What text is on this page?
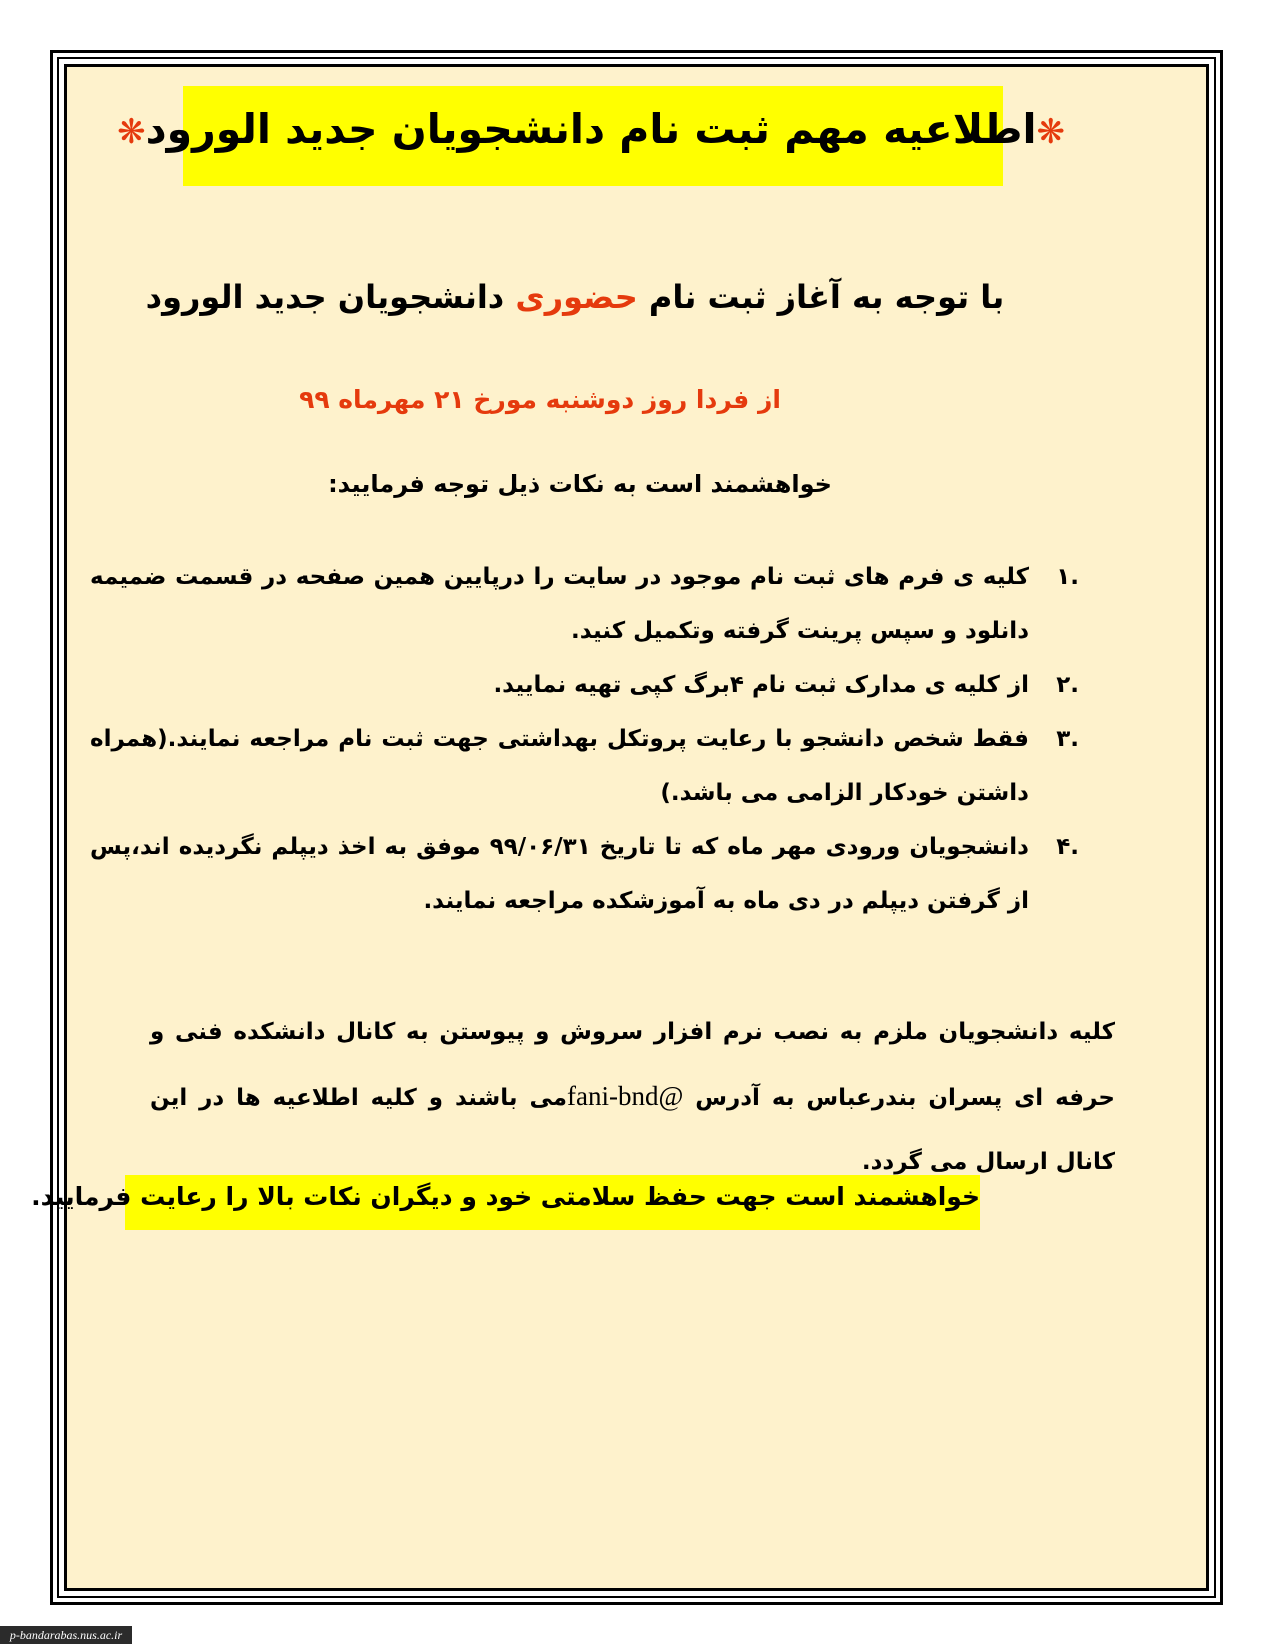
❋اطلاعیه مهم ثبت نام دانشجویان جدید الورود❋
با توجه به آغاز ثبت نام حضوری دانشجویان جدید الورود
از فردا روز دوشنبه مورخ ۲۱ مهرماه ۹۹
خواهشمند است به نکات ذیل توجه فرمایید:
.۱
کلیه ی فرم های ثبت نام موجود در سایت را درپایین همین صفحه در قسمت ضمیمه دانلود و سپس پرینت گرفته وتکمیل کنید.
.۲
از کلیه ی مدارک ثبت نام ۴برگ کپی تهیه نمایید.
.۳
فقط شخص دانشجو با رعایت پروتکل بهداشتی جهت ثبت نام مراجعه نمایند.(همراه داشتن خودکار الزامی می باشد.)
.۴
دانشجویان ورودی مهر ماه که تا تاریخ ۹۹/۰۶/۳۱ موفق به اخذ دیپلم نگردیده اند،پس از گرفتن دیپلم در دی ماه به آموزشکده مراجعه نمایند.
کلیه دانشجویان ملزم به نصب نرم افزار سروش و پیوستن به کانال دانشکده فنی و حرفه ای پسران بندرعباس به آدرس fani-bnd@می باشند و کلیه اطلاعیه ها در این کانال ارسال می گردد.
خواهشمند است جهت حفظ سلامتی خود و دیگران نکات بالا را رعایت فرمایید.
p-bandarabas.nus.ac.ir
